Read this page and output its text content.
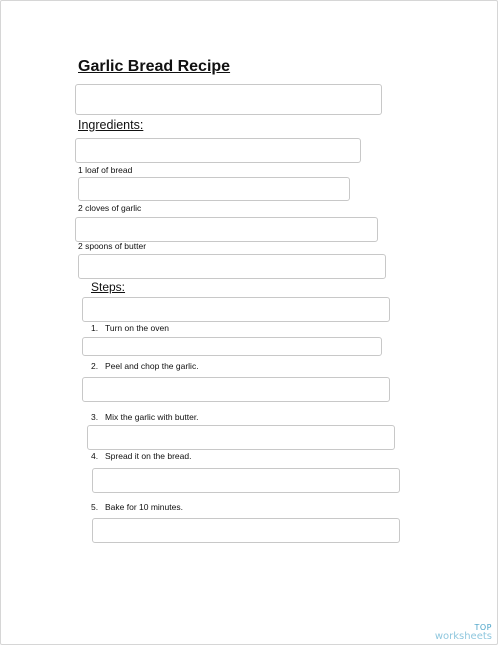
Garlic Bread Recipe
Ingredients:
1 loaf of bread
2 cloves of garlic
2 spoons of butter
Steps:
1. Turn on the oven
2. Peel and chop the garlic.
3. Mix the garlic with butter.
4. Spread it on the bread.
5. Bake for 10 minutes.
TOP
worksheets
